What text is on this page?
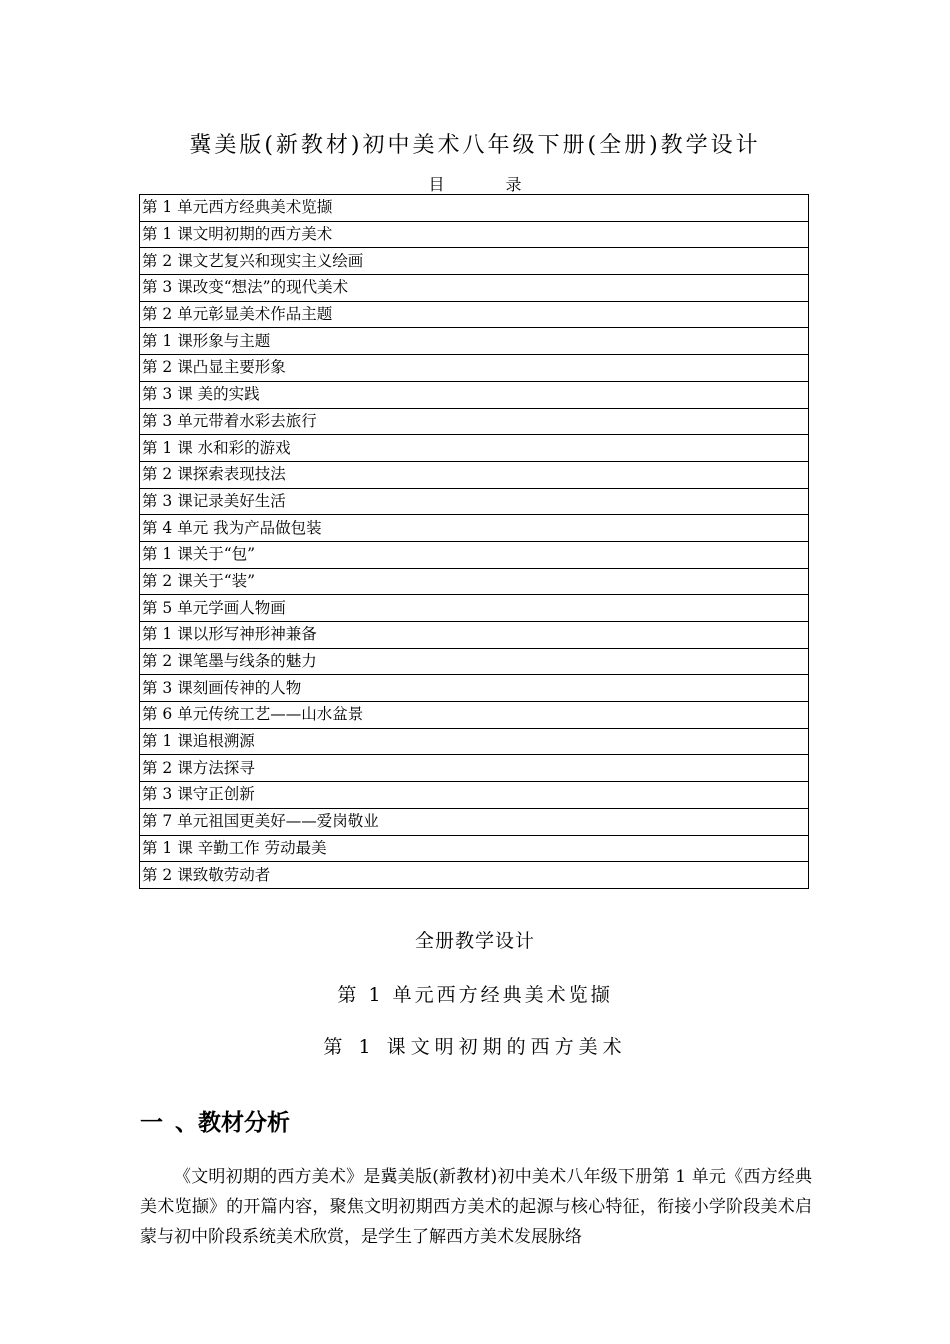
冀美版(新教材)初中美术八年级下册(全册)教学设计
目 录
第 1 单元西方经典美术览撷
第 1 课文明初期的西方美术
第 2 课文艺复兴和现实主义绘画
第 3 课改变“想法”的现代美术
第 2 单元彰显美术作品主题
第 1 课形象与主题
第 2 课凸显主要形象
第 3 课 美的实践
第 3 单元带着水彩去旅行
第 1 课 水和彩的游戏
第 2 课探索表现技法
第 3 课记录美好生活
第 4 单元 我为产品做包装
第 1 课关于“包”
第 2 课关于“装”
第 5 单元学画人物画
第 1 课以形写神形神兼备
第 2 课笔墨与线条的魅力
第 3 课刻画传神的人物
第 6 单元传统工艺——山水盆景
第 1 课追根溯源
第 2 课方法探寻
第 3 课守正创新
第 7 单元祖国更美好——爱岗敬业
第 1 课 辛勤工作 劳动最美
第 2 课致敬劳动者
全册教学设计
第 1 单元西方经典美术览撷
第 1 课文明初期的西方美术
一 、教材分析
《文明初期的西方美术》是冀美版(新教材)初中美术八年级下册第 1 单元《西方经典美术览撷》的开篇内容，聚焦文明初期西方美术的起源与核心特征，衔接小学阶段美术启蒙与初中阶段系统美术欣赏，是学生了解西方美术发展脉络
